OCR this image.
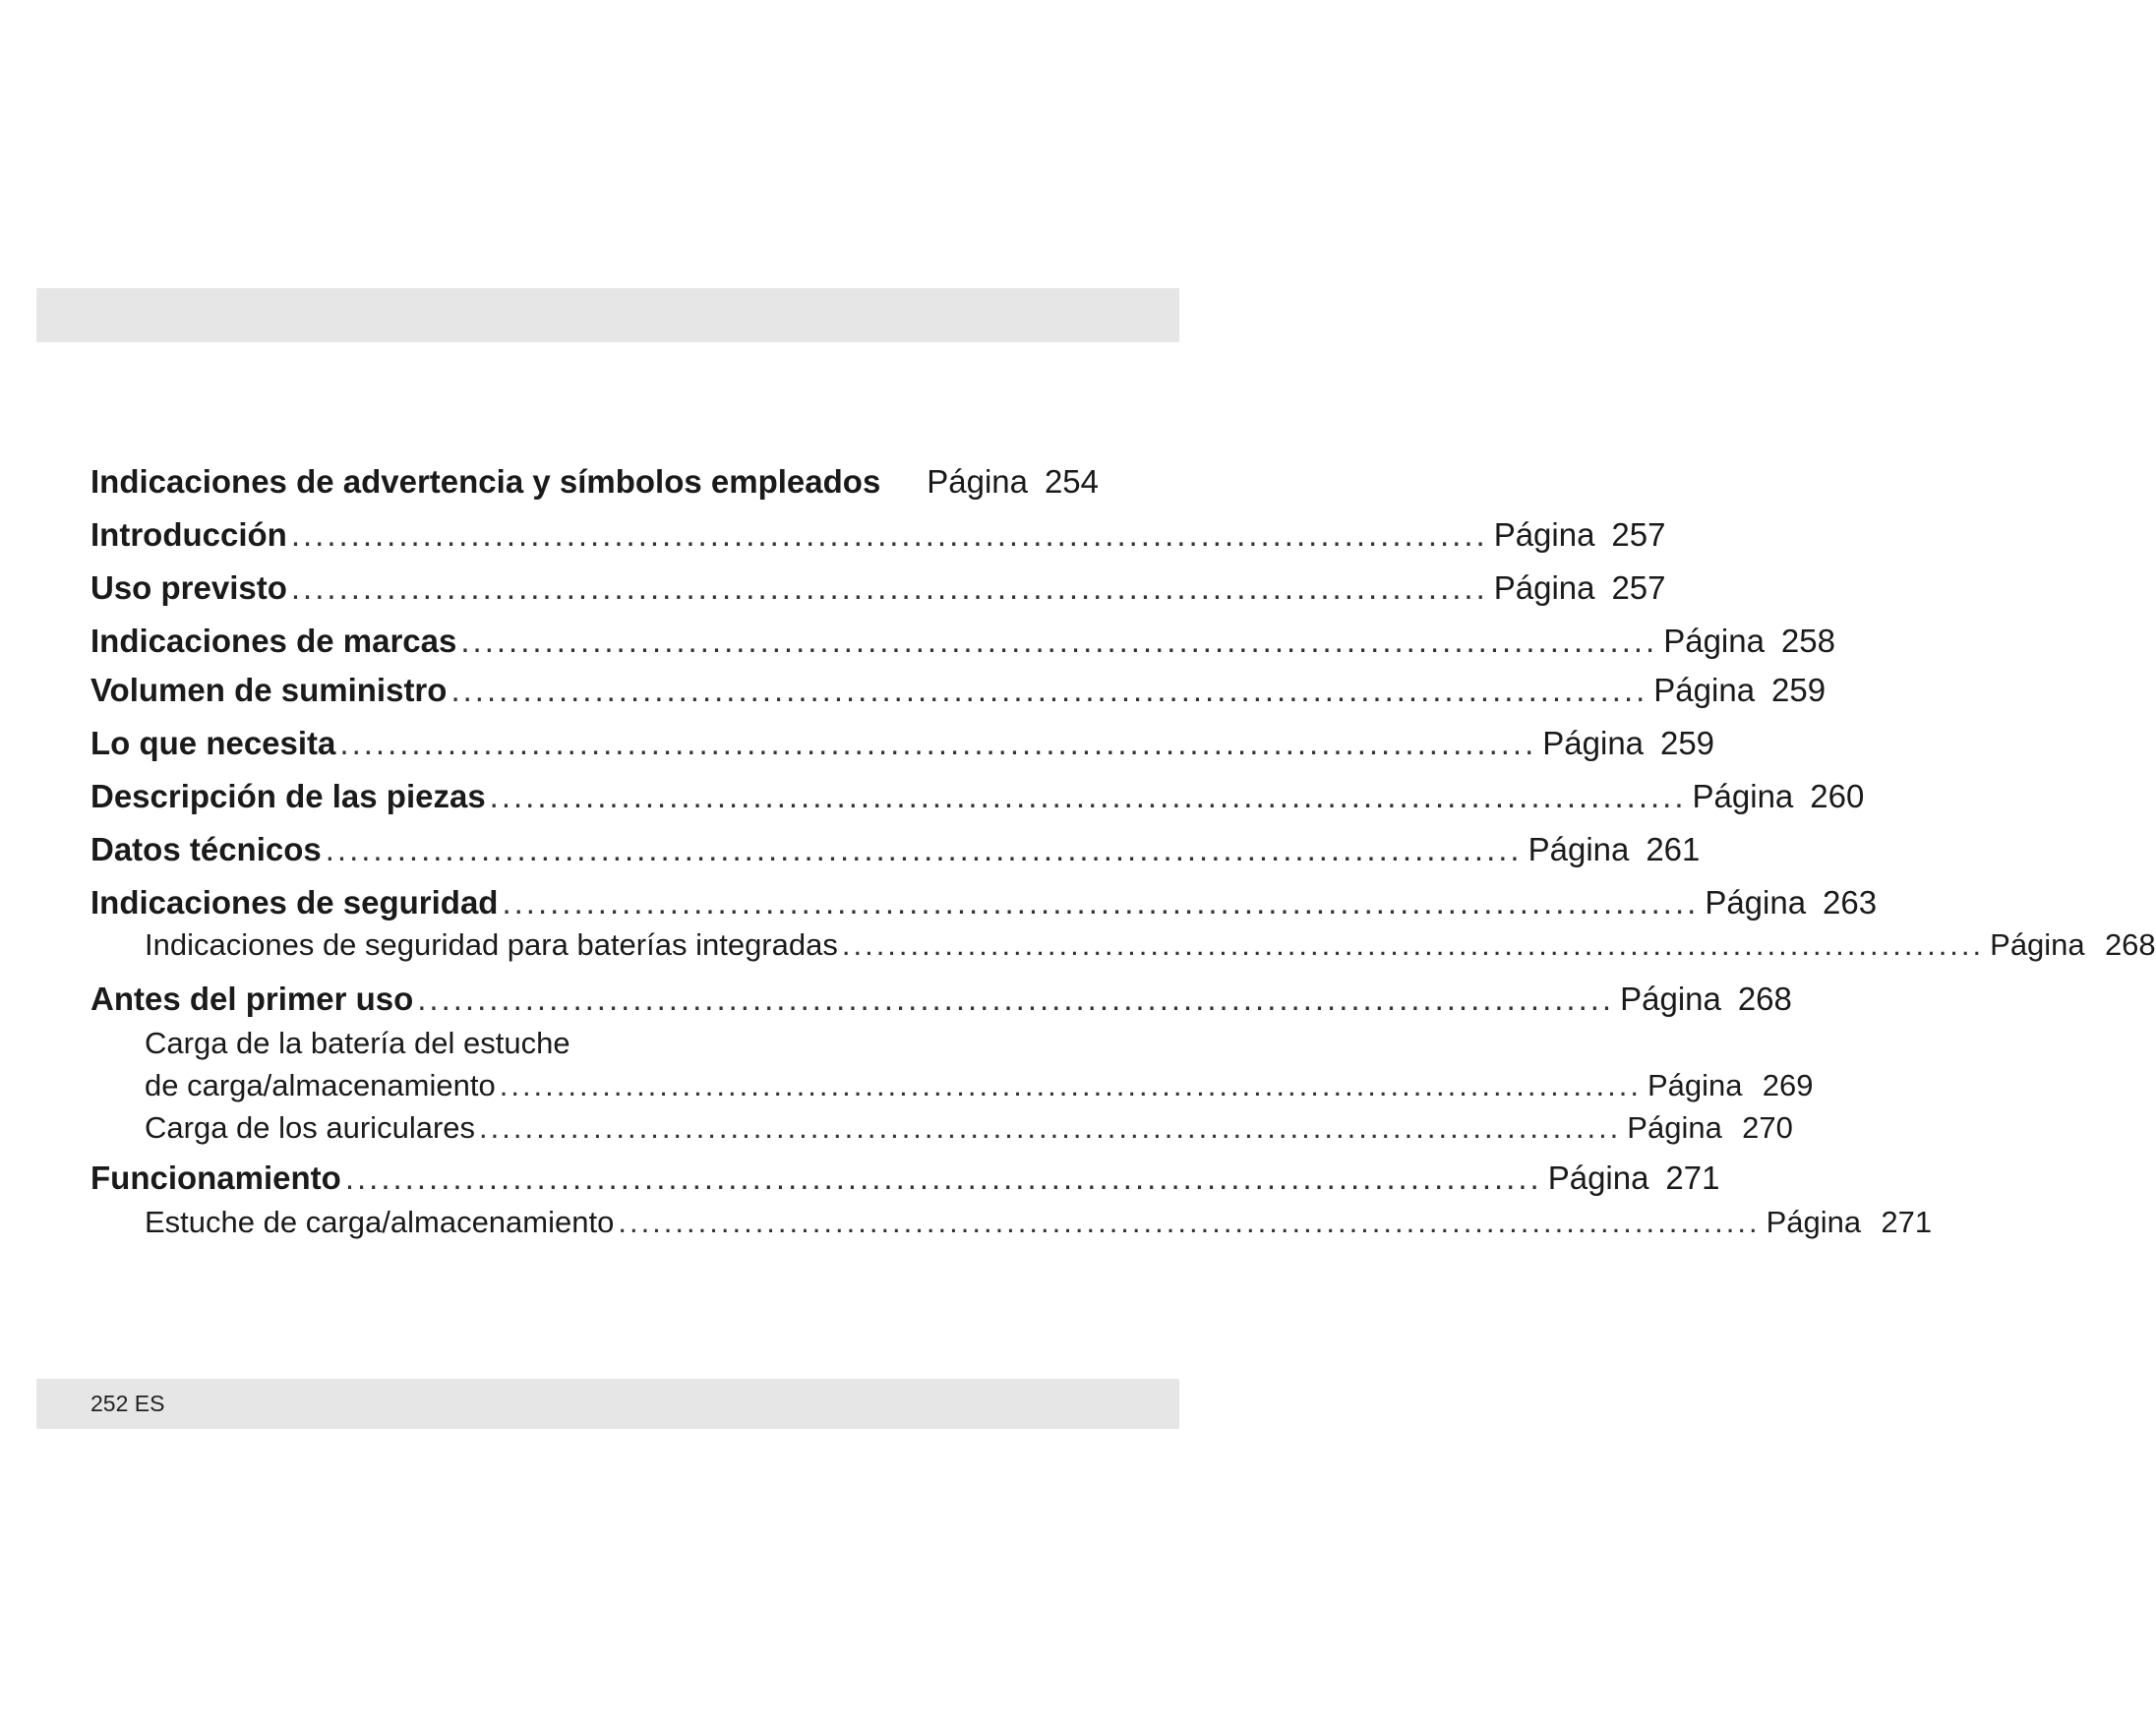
Indicaciones de advertencia y símbolos empleados Página 254
Introducción .................................................................................................... Página 257
Uso previsto .................................................................................................... Página 257
Indicaciones de marcas .................................................................................................... Página 258
Volumen de suministro .................................................................................................... Página 259
Lo que necesita .................................................................................................... Página 259
Descripción de las piezas .................................................................................................... Página 260
Datos técnicos .................................................................................................... Página 261
Indicaciones de seguridad .................................................................................................... Página 263
Indicaciones de seguridad para baterías integradas .................................................................................................... Página 268
Antes del primer uso .................................................................................................... Página 268
Carga de la batería del estuche
de carga/almacenamiento .................................................................................................... Página 269
Carga de los auriculares .................................................................................................... Página 270
Funcionamiento .................................................................................................... Página 271
Estuche de carga/almacenamiento .................................................................................................... Página 271
252 ES
